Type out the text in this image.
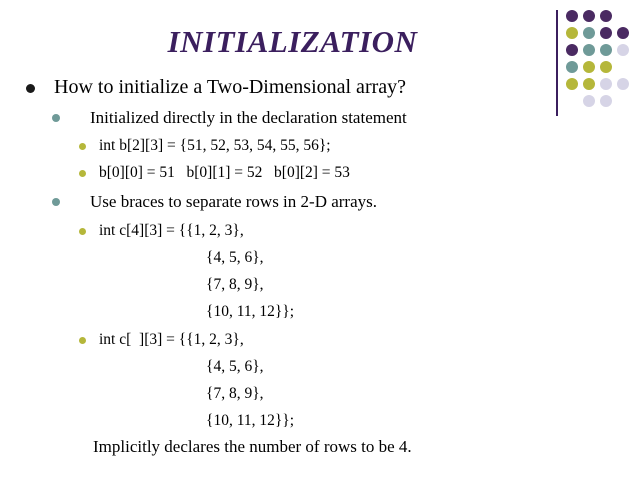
INITIALIZATION
How to initialize a Two-Dimensional array?
Initialized directly in the declaration statement
int b[2][3] = {51, 52, 53, 54, 55, 56};
b[0][0] = 51   b[0][1] = 52   b[0][2] = 53
Use braces to separate rows in 2-D arrays.
int c[4][3] = {{1, 2, 3},
{4, 5, 6},
{7, 8, 9},
{10, 11, 12}};
int c[  ][3] = {{1, 2, 3},
{4, 5, 6},
{7, 8, 9},
{10, 11, 12}};
Implicitly declares the number of rows to be 4.
